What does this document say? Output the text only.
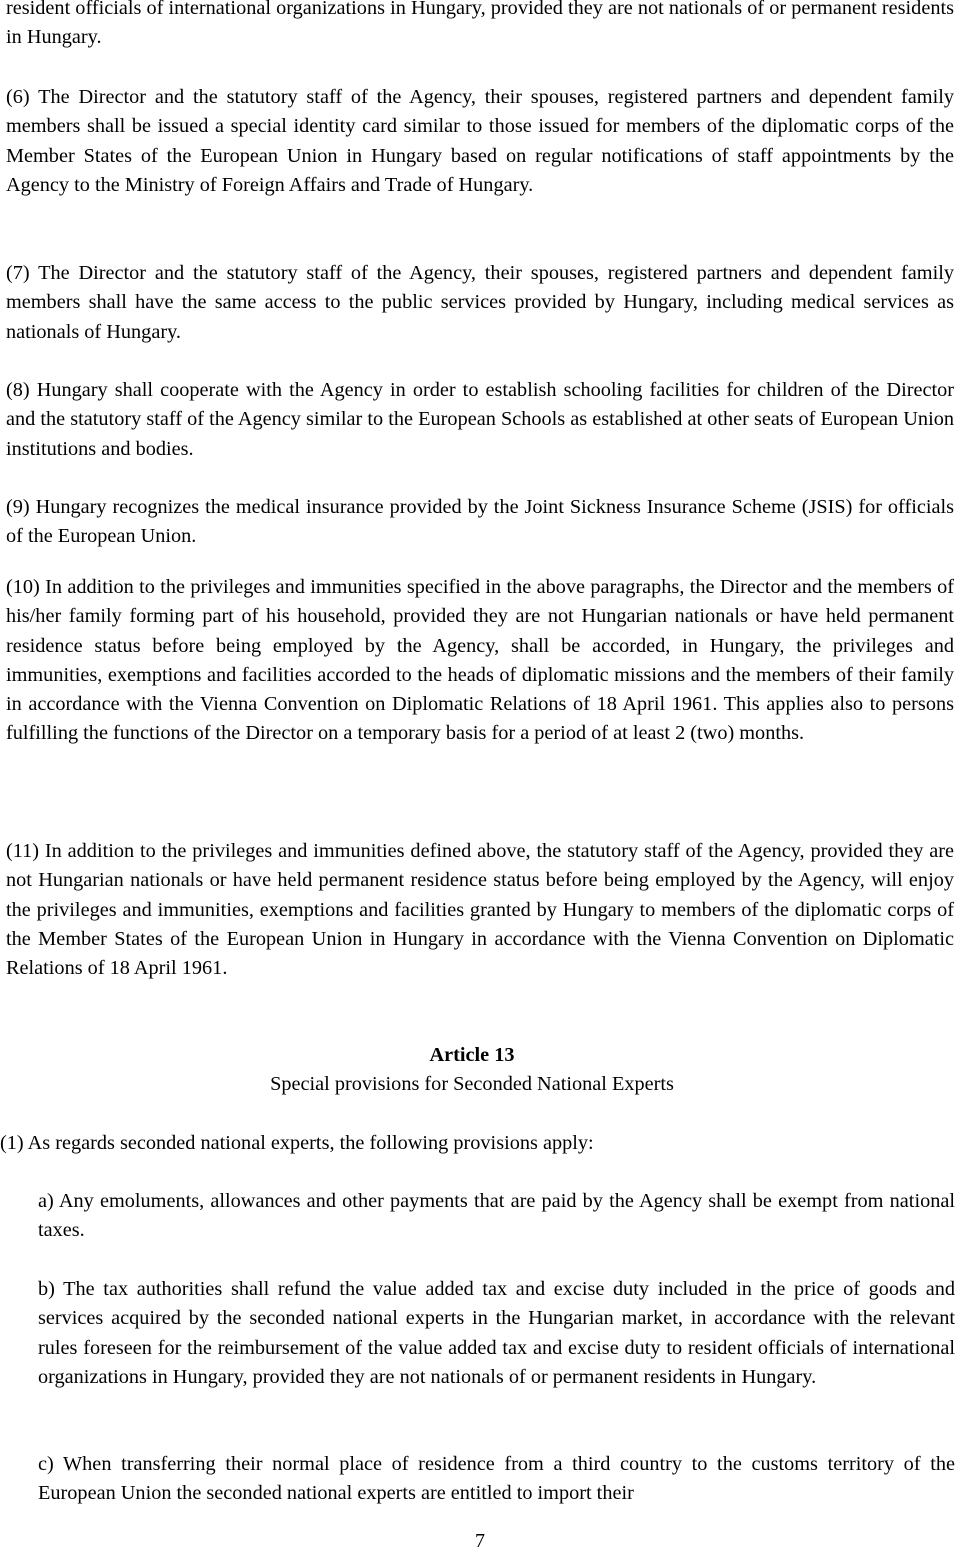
resident officials of international organizations in Hungary, provided they are not nationals of or permanent residents in Hungary.

(6) The Director and the statutory staff of the Agency, their spouses, registered partners and dependent family members shall be issued a special identity card similar to those issued for members of the diplomatic corps of the Member States of the European Union in Hungary based on regular notifications of staff appointments by the Agency to the Ministry of Foreign Affairs and Trade of Hungary.

(7) The Director and the statutory staff of the Agency, their spouses, registered partners and dependent family members shall have the same access to the public services provided by Hungary, including medical services as nationals of Hungary.

(8) Hungary shall cooperate with the Agency in order to establish schooling facilities for children of the Director and the statutory staff of the Agency similar to the European Schools as established at other seats of European Union institutions and bodies.

(9) Hungary recognizes the medical insurance provided by the Joint Sickness Insurance Scheme (JSIS) for officials of the European Union.

(10) In addition to the privileges and immunities specified in the above paragraphs, the Director and the members of his/her family forming part of his household, provided they are not Hungarian nationals or have held permanent residence status before being employed by the Agency, shall be accorded, in Hungary, the privileges and immunities, exemptions and facilities accorded to the heads of diplomatic missions and the members of their family in accordance with the Vienna Convention on Diplomatic Relations of 18 April 1961. This applies also to persons fulfilling the functions of the Director on a temporary basis for a period of at least 2 (two) months.

(11) In addition to the privileges and immunities defined above, the statutory staff of the Agency, provided they are not Hungarian nationals or have held permanent residence status before being employed by the Agency, will enjoy the privileges and immunities, exemptions and facilities granted by Hungary to members of the diplomatic corps of the Member States of the European Union in Hungary in accordance with the Vienna Convention on Diplomatic Relations of 18 April 1961.

Article 13

Special provisions for Seconded National Experts

(1) As regards seconded national experts, the following provisions apply:

a) Any emoluments, allowances and other payments that are paid by the Agency shall be exempt from national taxes.

b) The tax authorities shall refund the value added tax and excise duty included in the price of goods and services acquired by the seconded national experts in the Hungarian market, in accordance with the relevant rules foreseen for the reimbursement of the value added tax and excise duty to resident officials of international organizations in Hungary, provided they are not nationals of or permanent residents in Hungary.

c) When transferring their normal place of residence from a third country to the customs territory of the European Union the seconded national experts are entitled to import their

7
